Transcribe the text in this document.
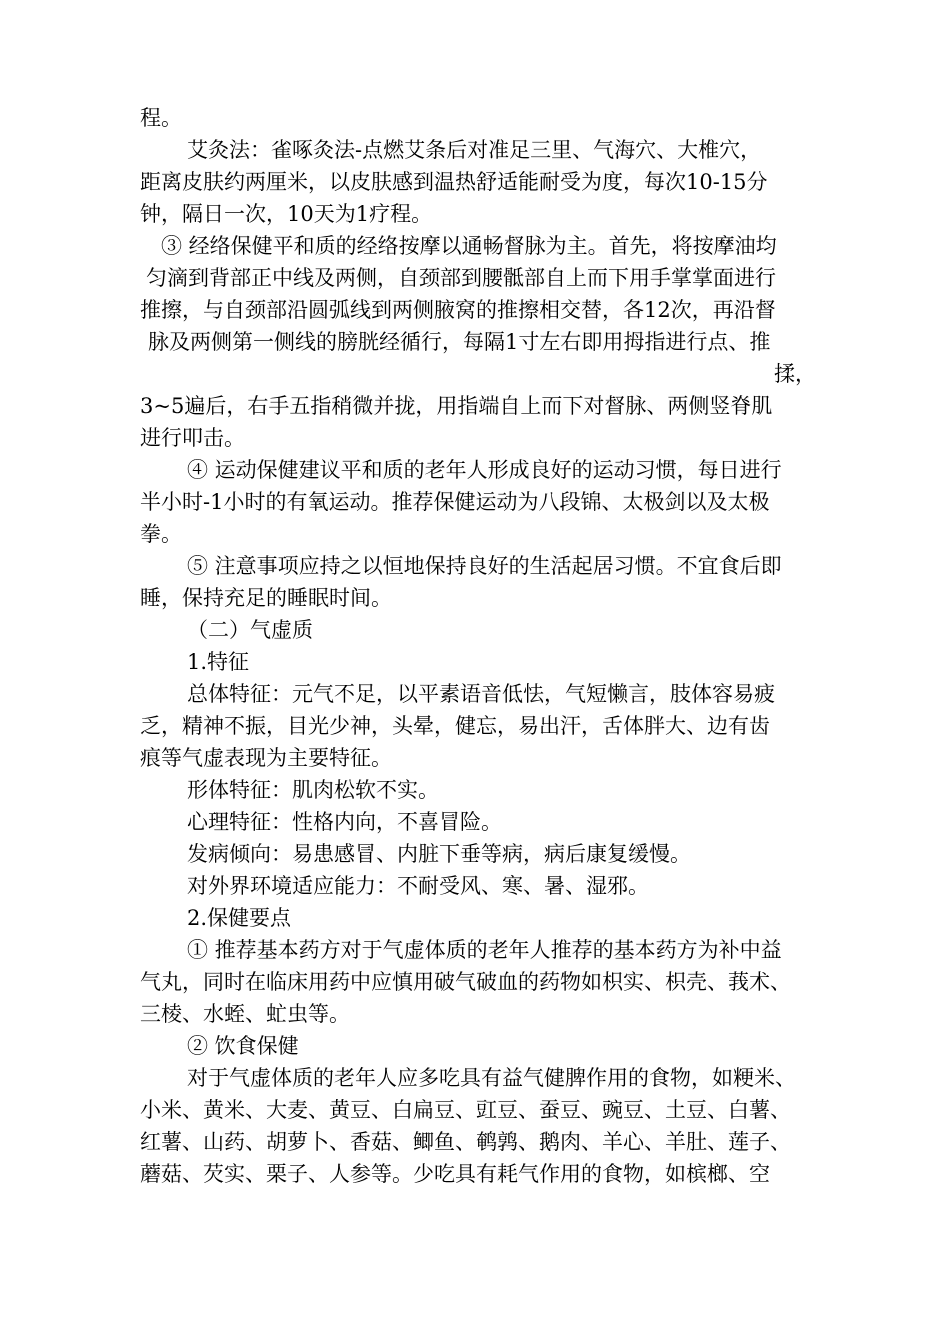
程。
艾灸法：雀啄灸法-点燃艾条后对准足三里、气海穴、大椎穴，
距离皮肤约两厘米，以皮肤感到温热舒适能耐受为度，每次10-15分
钟，隔日一次，10天为1疗程。
③ 经络保健平和质的经络按摩以通畅督脉为主。首先，将按摩油均
匀滴到背部正中线及两侧，自颈部到腰骶部自上而下用手掌掌面进行
推擦，与自颈部沿圆弧线到两侧腋窝的推擦相交替，各12次，再沿督
脉及两侧第一侧线的膀胱经循行，每隔1寸左右即用拇指进行点、推
揉，
3~5遍后，右手五指稍微并拢，用指端自上而下对督脉、两侧竖脊肌
进行叩击。
④ 运动保健建议平和质的老年人形成良好的运动习惯，每日进行
半小时-1小时的有氧运动。推荐保健运动为八段锦、太极剑以及太极
拳。
⑤ 注意事项应持之以恒地保持良好的生活起居习惯。不宜食后即
睡，保持充足的睡眠时间。
（二）气虚质
1.特征
总体特征：元气不足，以平素语音低怯，气短懒言，肢体容易疲
乏，精神不振，目光少神，头晕，健忘，易出汗，舌体胖大、边有齿
痕等气虚表现为主要特征。
形体特征：肌肉松软不实。
心理特征：性格内向，不喜冒险。
发病倾向：易患感冒、内脏下垂等病，病后康复缓慢。
对外界环境适应能力：不耐受风、寒、暑、湿邪。
2.保健要点
① 推荐基本药方对于气虚体质的老年人推荐的基本药方为补中益
气丸，同时在临床用药中应慎用破气破血的药物如枳实、枳壳、莪术、
三棱、水蛭、虻虫等。
② 饮食保健
对于气虚体质的老年人应多吃具有益气健脾作用的食物，如粳米、
小米、黄米、大麦、黄豆、白扁豆、豇豆、蚕豆、豌豆、土豆、白薯、
红薯、山药、胡萝卜、香菇、鲫鱼、鹌鹑、鹅肉、羊心、羊肚、莲子、
蘑菇、芡实、栗子、人参等。少吃具有耗气作用的食物，如槟榔、空
